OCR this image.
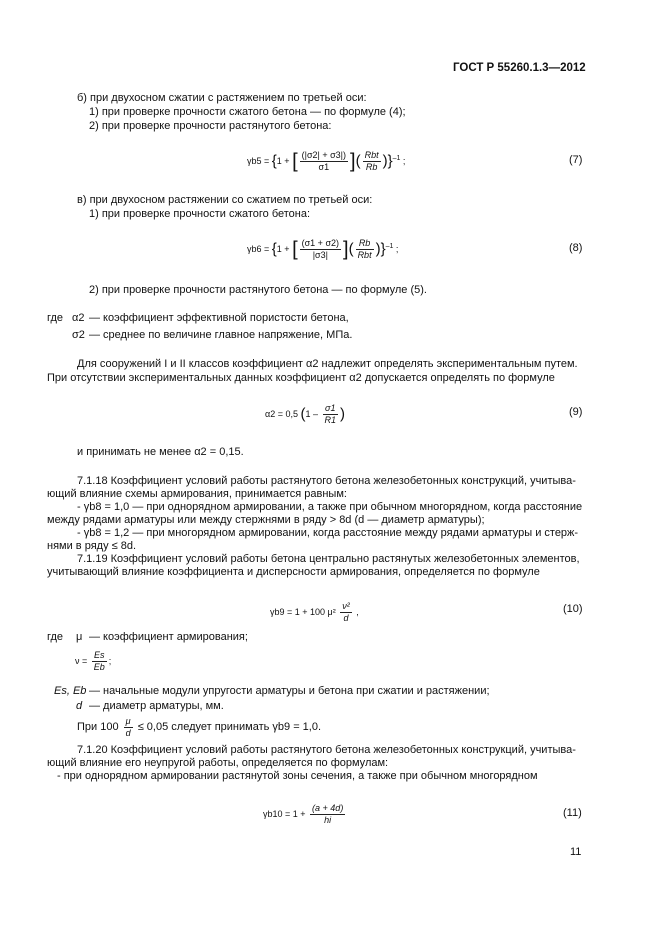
ГОСТ Р 55260.1.3—2012
б) при двухосном сжатии с растяжением по третьей оси:
1) при проверке прочности сжатого бетона — по формуле (4);
2) при проверке прочности растянутого бетона:
γb5 = {1 + [ $\frac{(|\sigma 2| + \sigma 3|)}{\sigma 1}$ ]( $\frac{\text{Rbt}}{Rb} )\}^{-1}$ ;	(7)
в) при двухосном растяжении со сжатием по третьей оси:
1) при проверке прочности сжатого бетона:
γb6 = {1 + [ $\frac{(\sigma 1 + \sigma 2)}{|\sigma 3|}$ ]( $\frac{Rb}{\text{Rbt}} )\}^{-1}$ ;	(8)
2) при проверке прочности растянутого бетона — по формуле (5).
где α2 — коэффициент эффективной пористости бетона,
σ2 — среднее по величине главное напряжение, МПа.
Для сооружений I и II классов коэффициент α2 надлежит определять экспериментальным путем.
При отсутствии экспериментальных данных коэффициент α2 допускается определять по формуле
α2 = 0,5 ($1 - \frac{\sigma 1}{R1}$ )	(9)
и принимать не менее α2 = 0,15.
7.1.18 Коэффициент условий работы растянутого бетона железобетонных конструкций, учитыва-
ющий влияние схемы армирования, принимается равным:
- γb8 = 1,0 — при однорядном армировании, а также при обычном многорядном, когда расстояние
между рядами арматуры или между стержнями в ряду > 8d (d — диаметр арматуры);
- γb8 = 1,2 — при многорядном армировании, когда расстояние между рядами арматуры и стерж-
нями в ряду ≤ 8d.
7.1.19 Коэффициент условий работы бетона центрально растянутых железобетонных элементов,
учитывающий влияние коэффициента и дисперсности армирования, определяется по формуле
γb9 = 1 + 100 $\mu^2 \frac{\text{ν²}}{d}$ ,	(10)
где μ — коэффициент армирования;
$\nu = \frac{Es}{Eb}$ ;
Es, Eb — начальные модули упругости арматуры и бетона при сжатии и растяжении;
d — диаметр арматуры, мм.
При $100 \frac{\mu}{d} \le 0,05$ следует принимать γb9 = 1,0.
7.1.20 Коэффициент условий работы растянутого бетона железобетонных конструкций, учитыва-
ющий влияние его неупругой работы, определяется по формулам:
- при однорядном армировании растянутой зоны сечения, а также при обычном многорядном
$\gamma b10 = 1 + \frac{(a + 4d)}{hi}$	(11)
11
